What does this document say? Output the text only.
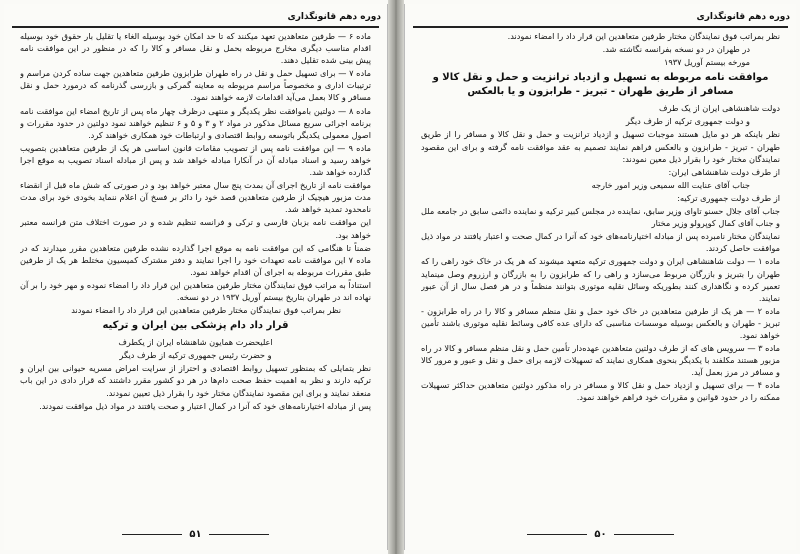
دوره دهم قانونگذاری

ماده ۶ — طرفین متعاهدین تعهد میکنند که تا حد امکان خود بوسیله الغاء یا تقلیل بار حقوق خود بوسیله اقدام مناسب دیگری مخارج مربوطه بحمل و نقل مسافر و کالا را که در منظور در این موافقت نامه پیش بینی شده تقلیل دهند.

ماده ۷ — برای تسهیل حمل و نقل در راه طهران طرابزون طرفین متعاهدین جهت ساده کردن مراسم و ترتیبات اداری و مخصوصاً مراسم مربوطه به معاینه گمرکی و بازرسی گذرنامه که درمورد حمل و نقل مسافر و کالا بعمل می‌آید اقدامات لازمه خواهند نمود.

ماده ۸ — دولتین باموافقت نظر یکدیگر و منتهی درظرف چهار ماه پس از تاریخ امضاء این موافقت نامه برنامه اجرائی سریع مسائل مذکور در مواد ۲ و ۳ و ۵ و ۶ تنظیم خواهند نمود دولتین در حدود مقررات و اصول معمولی یکدیگر باتوسعه روابط اقتصادی و ارتباطات خود همکاری خواهند کرد.

ماده ۹ — این موافقت نامه پس از تصویب مقامات قانون اساسی هر یک از طرفین متعاهدین بتصویب خواهد رسید و اسناد مبادله آن در آنکارا مبادله خواهد شد و پس از مبادله اسناد تصویب به موقع اجرا گذارده خواهد شد.

موافقت نامه از تاریخ اجرای آن بمدت پنج سال معتبر خواهد بود و در صورتی که شش ماه قبل از انقضاء مدت مزبور هیچیک از طرفین متعاهدین قصد خود را دائر بر فسخ آن اعلام ننماید بخودی خود برای مدت نامحدود تمدید خواهد شد.

این موافقت نامه بزبان فارسی و ترکی و فرانسه تنظیم شده و در صورت اختلاف متن فرانسه معتبر خواهد بود.

ضمناً تا هنگامی که این موافقت نامه به موقع اجرا گذارده نشده طرفین متعاهدین مقرر میدارند که در ماده ۷ این موافقت نامه تعهدات خود را اجرا نمایند و دفتر مشترک کمیسیون مختلط هر یک از طرفین طبق مقررات مربوطه به اجرای آن اقدام خواهد نمود.

استناداً به مراتب فوق نمایندگان مختار طرفین متعاهدین این قرار داد را امضاء نموده و مهر خود را بر آن نهاده اند در طهران بتاریخ بیستم آوریل ۱۹۳۷ در دو نسخه.

نظر بمراتب فوق نمایندگان مختار طرفین متعاهدین این قرار داد را امضاء نمودند

قرار داد دام پزشکی بین ایران و ترکیه

اعلیحضرت همایون شاهنشاه ایران از یکطرف

و حضرت رئیس جمهوری ترکیه از طرف دیگر

نظر بتمایلی که بمنظور تسهیل روابط اقتصادی و احتراز از سرایت امراض مسریه حیوانی بین ایران و ترکیه دارند و نظر به اهمیت حفظ صحت دام‌ها در هر دو کشور مقرر داشتند که قرار دادی در این باب منعقد نمایند و برای این مقصود نمایندگان مختار خود را بقرار ذیل تعیین نمودند.

پس از مبادله اختیارنامه‌های خود که آنرا در کمال اعتبار و صحت یافتند در مواد ذیل موافقت نمودند.

۵۱
دوره دهم قانونگذاری

نظر بمراتب فوق نمایندگان مختار طرفین متعاهدین این قرار داد را امضاء نمودند.

در طهران در دو نسخه بفرانسه نگاشته شد.

مورخه بیستم آوریل ۱۹۳۷

موافقت نامه مربوطه به تسهیل و ازدیاد ترانزیت و حمل و نقل کالا و مسافر از طریق طهران - تبریز - طرابزون و یا بالعکس

دولت شاهنشاهی ایران از یک طرف

و دولت جمهوری ترکیه از طرف دیگر

نظر باینکه هر دو مایل هستند موجبات تسهیل و ازدیاد ترانزیت و حمل و نقل کالا و مسافر را از طریق طهران - تبریز - طرابزون و بالعکس فراهم نمایند تصمیم به عقد موافقت نامه گرفته و برای این مقصود نمایندگان مختار خود را بقرار ذیل معین نمودند:

از طرف دولت شاهنشاهی ایران:

جناب آقای عنایت الله سمیعی وزیر امور خارجه

از طرف دولت جمهوری ترکیه:

جناب آقای جلال حسنو تاوای وزیر سابق، نماینده در مجلس کبیر ترکیه و نماینده دائمی سابق در جامعه ملل و جناب آقای کمال کوپرولو وزیر مختار

نمایندگان مختار نامبرده پس از مبادله اختیارنامه‌های خود که آنرا در کمال صحت و اعتبار یافتند در مواد ذیل موافقت حاصل کردند.

ماده ۱ — دولت شاهنشاهی ایران و دولت جمهوری ترکیه متعهد میشوند که هر یک در خاک خود راهی را که طهران را بتبریز و بازرگان مربوط می‌سازد و راهی را که طرابزون را به بازرگان و ارزروم وصل مینماید تعمیر کرده و نگاهداری کنند بطوریکه وسائل نقلیه موتوری بتوانند منظماً و در هر فصل سال از آن عبور نمایند.

ماده ۲ — هر یک از طرفین متعاهدین در خاک خود حمل و نقل منظم مسافر و کالا را در راه طرابزون - تبریز - طهران و بالعکس بوسیله موسسات مناسبی که دارای عده کافی وسائط نقلیه موتوری باشند تأمین خواهد نمود.

ماده ۳ — سرویس های که از طرف دولتین متعاهدین عهده‌دار تأمین حمل و نقل منظم مسافر و کالا در راه مزبور هستند مکلفند با یکدیگر بنحوی همکاری نمایند که تسهیلات لازمه برای حمل و نقل و عبور و مرور کالا و مسافر در مرز بعمل آید.

ماده ۴ — برای تسهیل و ازدیاد حمل و نقل کالا و مسافر در راه مذکور دولتین متعاهدین حداکثر تسهیلات ممکنه را در حدود قوانین و مقررات خود فراهم خواهند نمود.

۵۰
